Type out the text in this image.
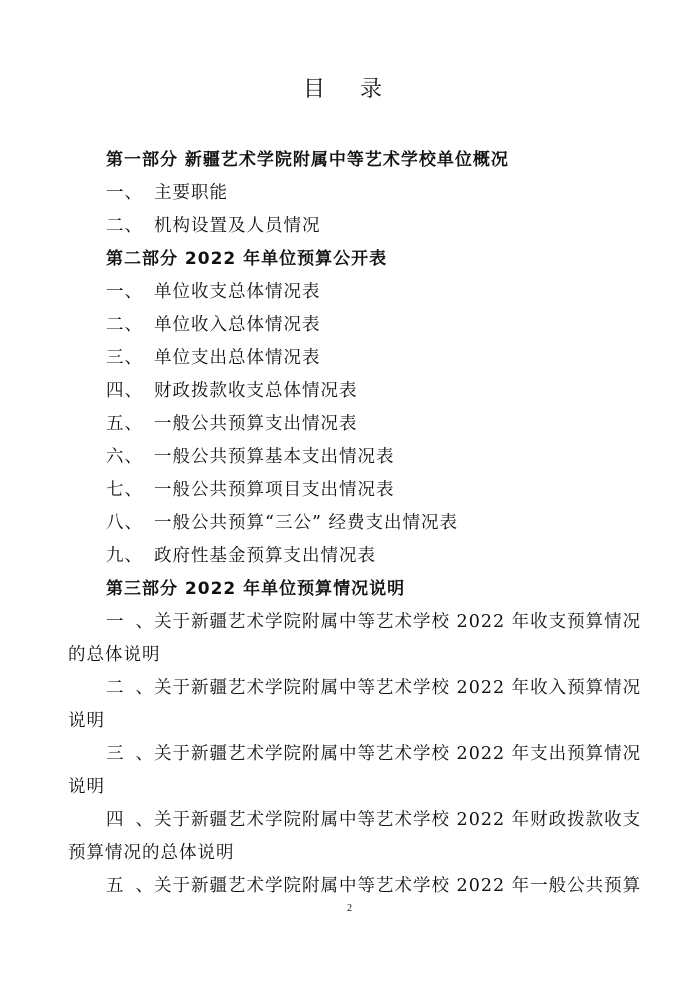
目 录
第一部分 新疆艺术学院附属中等艺术学校单位概况
一、 主要职能
二、 机构设置及人员情况
第二部分 2022 年单位预算公开表
一、 单位收支总体情况表
二、 单位收入总体情况表
三、 单位支出总体情况表
四、 财政拨款收支总体情况表
五、 一般公共预算支出情况表
六、 一般公共预算基本支出情况表
七、 一般公共预算项目支出情况表
八、 一般公共预算“三公” 经费支出情况表
九、 政府性基金预算支出情况表
第三部分 2022 年单位预算情况说明
一、关于新疆艺术学院附属中等艺术学校 2022 年收支预算情况
的总体说明
二、关于新疆艺术学院附属中等艺术学校 2022 年收入预算情况
说明
三、关于新疆艺术学院附属中等艺术学校 2022 年支出预算情况
说明
四、关于新疆艺术学院附属中等艺术学校 2022 年财政拨款收支
预算情况的总体说明
五、关于新疆艺术学院附属中等艺术学校 2022 年一般公共预算
2
